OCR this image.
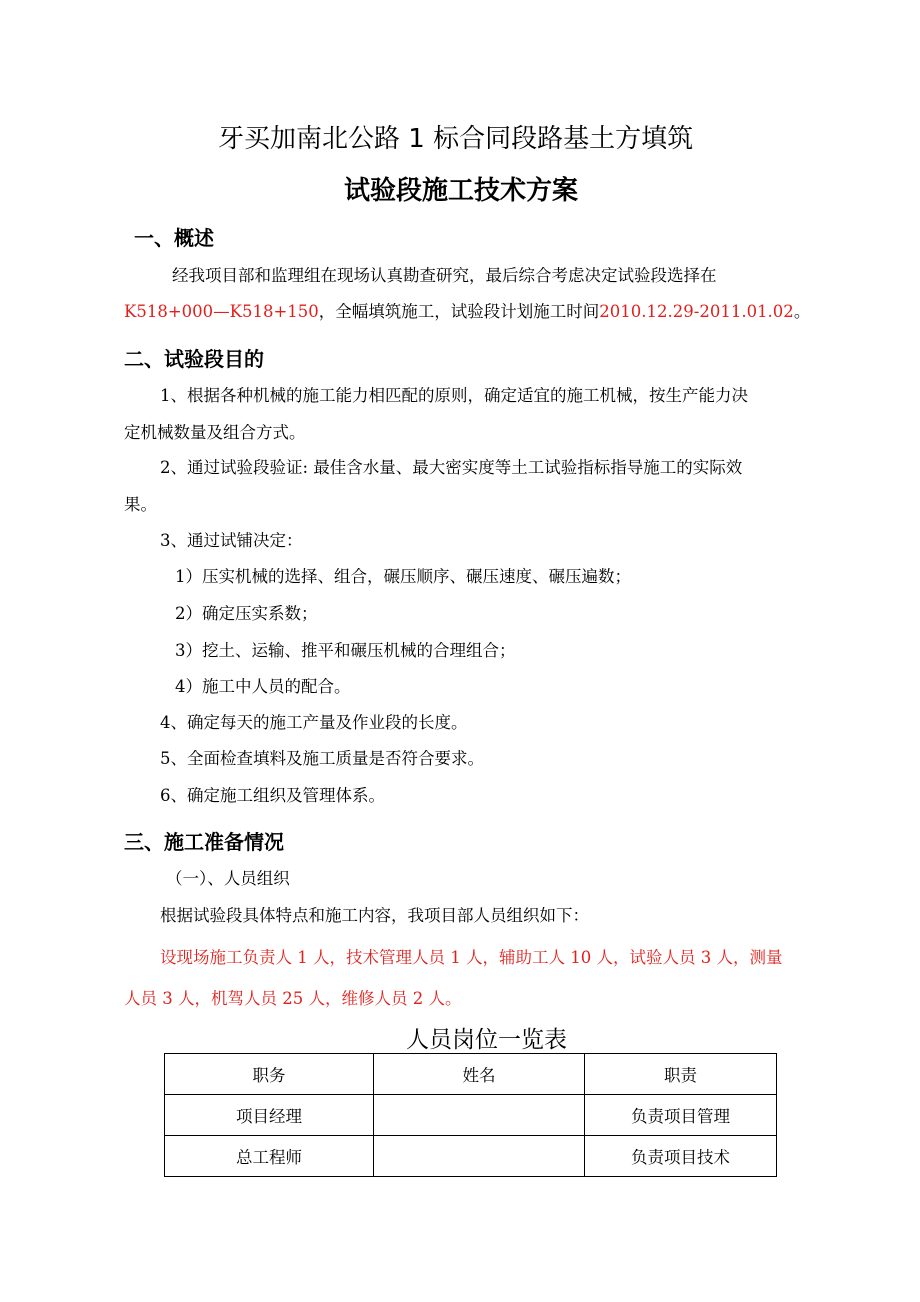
牙买加南北公路 1 标合同段路基土方填筑
试验段施工技术方案
一、概述
经我项目部和监理组在现场认真勘查研究，最后综合考虑决定试验段选择在
K518+000—K518+150，全幅填筑施工，试验段计划施工时间2010.12.29-2011.01.02。
二、试验段目的
1、根据各种机械的施工能力相匹配的原则，确定适宜的施工机械，按生产能力决
定机械数量及组合方式。
2、通过试验段验证: 最佳含水量、最大密实度等土工试验指标指导施工的实际效
果。
3、通过试铺决定：
1）压实机械的选择、组合，碾压顺序、碾压速度、碾压遍数；
2）确定压实系数；
3）挖土、运输、推平和碾压机械的合理组合；
4）施工中人员的配合。
4、确定每天的施工产量及作业段的长度。
5、全面检查填料及施工质量是否符合要求。
6、确定施工组织及管理体系。
三、施工准备情况
（一）、人员组织
根据试验段具体特点和施工内容，我项目部人员组织如下：
设现场施工负责人 1 人，技术管理人员 1 人，辅助工人 10 人，试验人员 3 人，测量
人员 3 人，机驾人员 25 人，维修人员 2 人。
人员岗位一览表
职务	姓名	职责
项目经理		负责项目管理
总工程师		负责项目技术
